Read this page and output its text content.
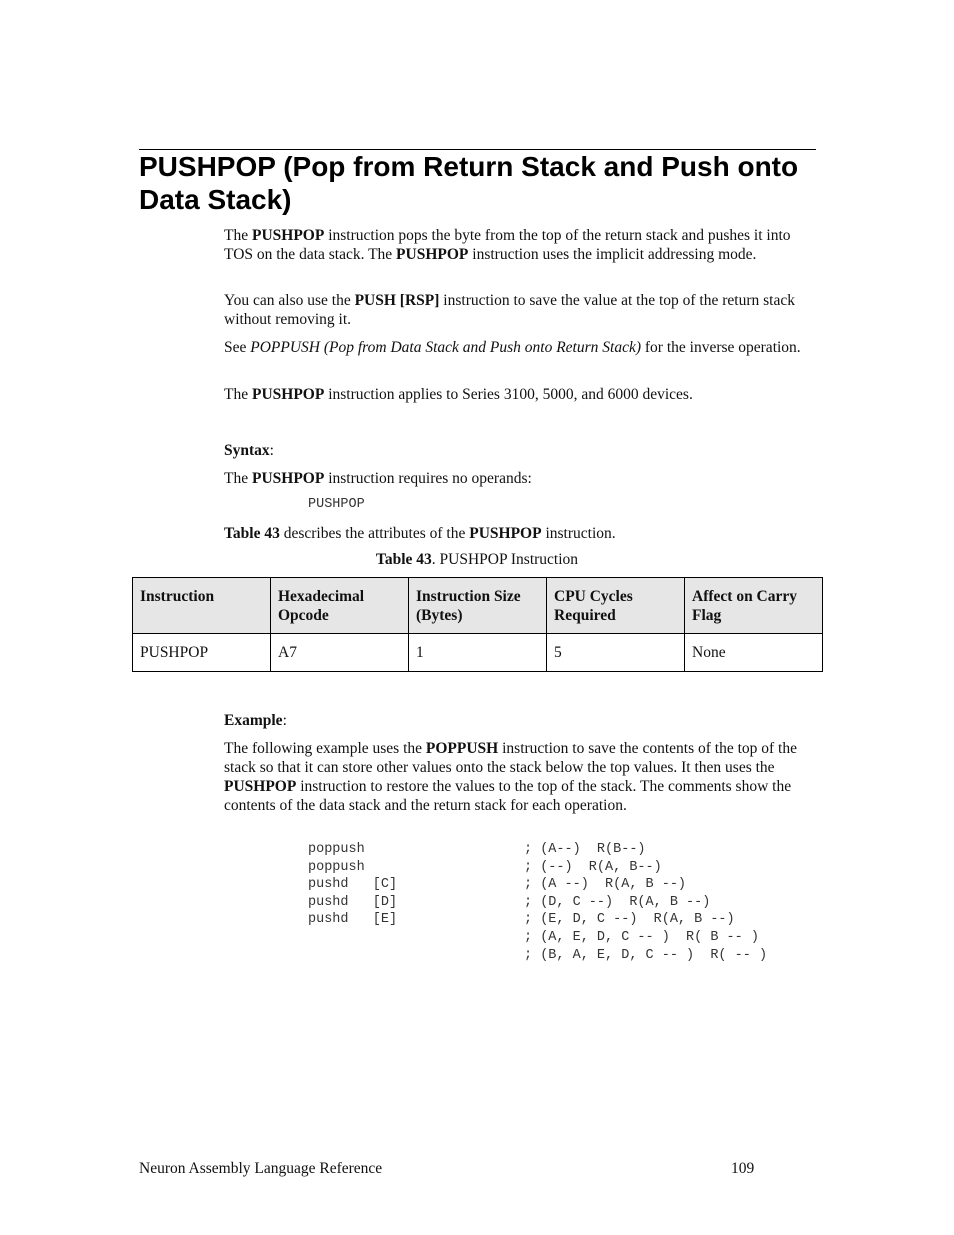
PUSHPOP (Pop from Return Stack and Push onto Data Stack)

The PUSHPOP instruction pops the byte from the top of the return stack and pushes it into TOS on the data stack. The PUSHPOP instruction uses the implicit addressing mode.

You can also use the PUSH [RSP] instruction to save the value at the top of the return stack without removing it.

See POPPUSH (Pop from Data Stack and Push onto Return Stack) for the inverse operation.

The PUSHPOP instruction applies to Series 3100, 5000, and 6000 devices.

Syntax:

The PUSHPOP instruction requires no operands:

PUSHPOP

Table 43 describes the attributes of the PUSHPOP instruction.

Table 43. PUSHPOP Instruction
Instruction	Hexadecimal Opcode	Instruction Size (Bytes)	CPU Cycles Required	Affect on Carry Flag
PUSHPOP	A7	1	5	None

Example:

The following example uses the POPPUSH instruction to save the contents of the top of the stack so that it can store other values onto the stack below the top values. It then uses the PUSHPOP instruction to restore the values to the top of the stack. The comments show the contents of the data stack and the return stack for each operation.

poppush	; (A--)  R(B--)
poppush	; (--)  R(A, B--)
pushd   [C]	; (A --)  R(A, B --)
pushd   [D]	; (D, C --)  R(A, B --)
pushd   [E]	; (E, D, C --)  R(A, B --)
; (A, E, D, C -- )  R( B -- )
; (B, A, E, D, C -- )  R( -- )
Neuron Assembly Language Reference	109
